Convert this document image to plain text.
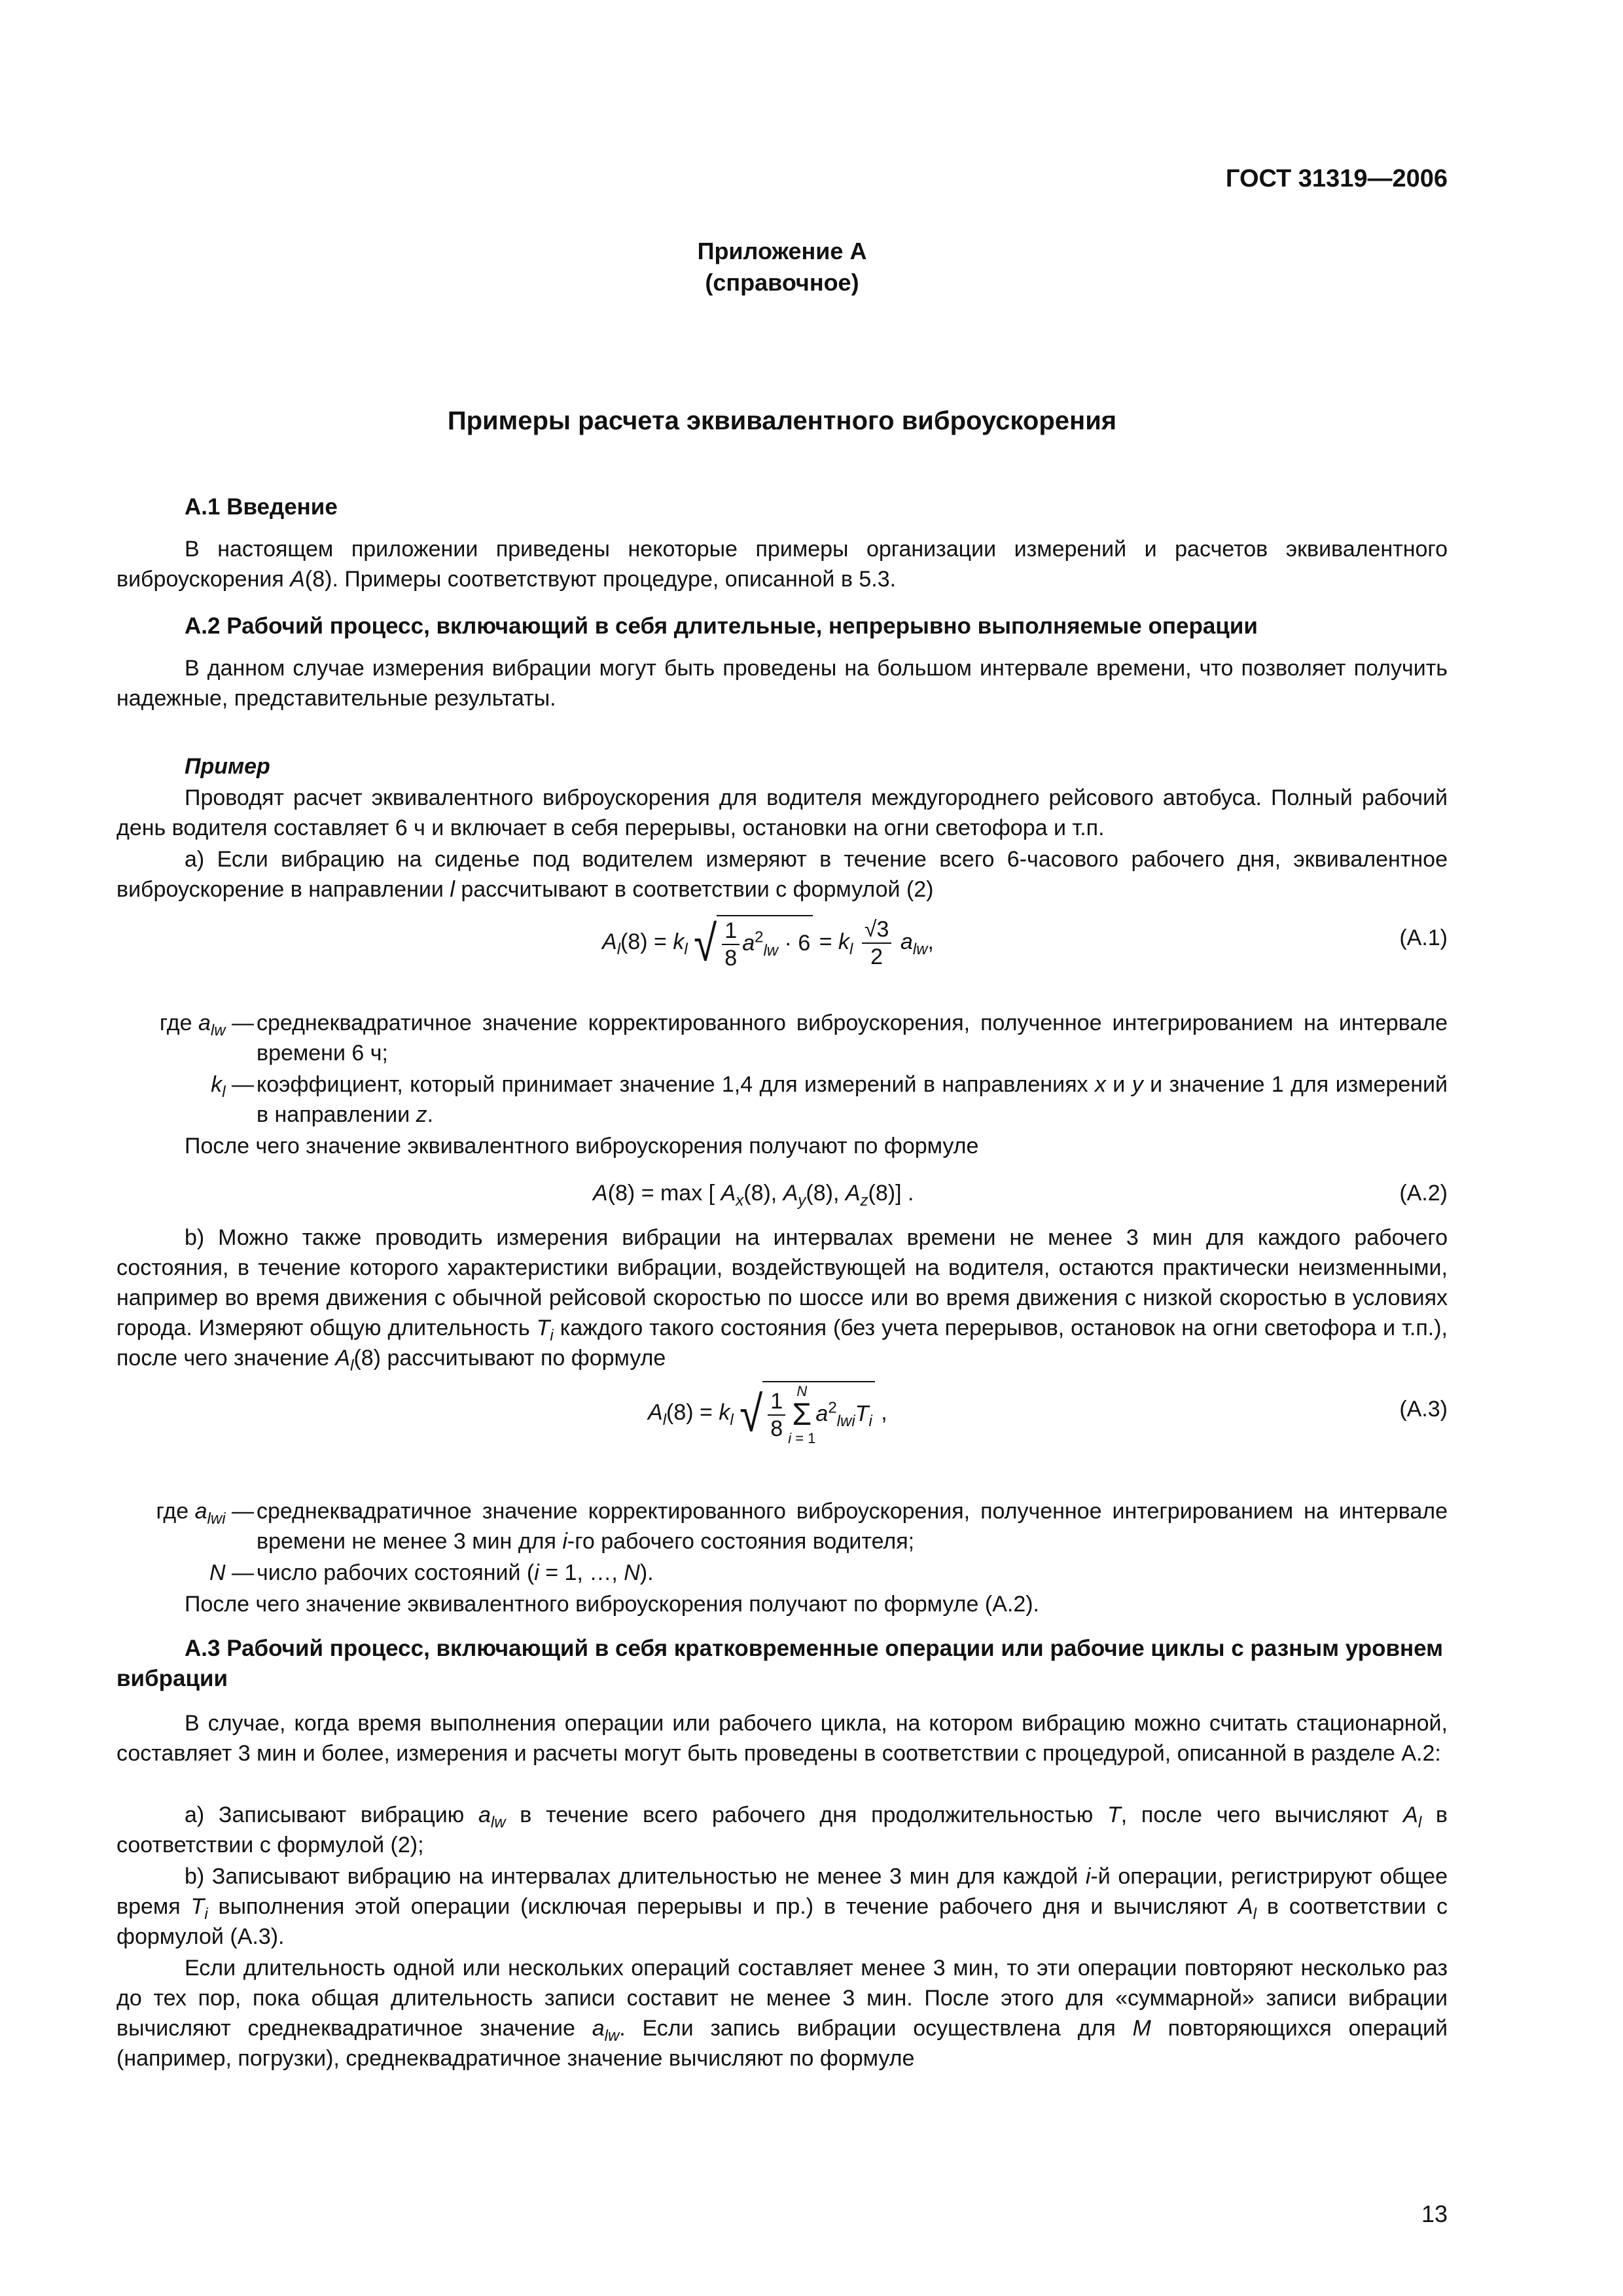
ГОСТ 31319—2006
Приложение А
(справочное)
Примеры расчета эквивалентного виброускорения
А.1 Введение
В настоящем приложении приведены некоторые примеры организации измерений и расчетов эквивалентного виброускорения A(8). Примеры соответствуют процедуре, описанной в 5.3.
А.2 Рабочий процесс, включающий в себя длительные, непрерывно выполняемые операции
В данном случае измерения вибрации могут быть проведены на большом интервале времени, что позволяет получить надежные, представительные результаты.
Пример
Проводят расчет эквивалентного виброускорения для водителя междугороднего рейсового автобуса. Полный рабочий день водителя составляет 6 ч и включает в себя перерывы, остановки на огни светофора и т.п.
а) Если вибрацию на сиденье под водителем измеряют в течение всего 6-часового рабочего дня, эквивалентное виброускорение в направлении l рассчитывают в соответствии с формулой (2)
$A_l(8) = k_l$ √ $\frac{1}{8} a^2_{lw} \cdot 6 = k_l \frac{√3}{2} a_{lw}$,	(А.1)
где $a_{lw}$ — среднеквадратичное значение корректированного виброускорения, полученное интегрированием на интервале времени 6 ч;
$k_l$ — коэффициент, который принимает значение 1,4 для измерений в направлениях x и y и значение 1 для измерений в направлении z.
После чего значение эквивалентного виброускорения получают по формуле
A(8) = max [ $A_x(8)$, $A_y(8)$, $A_z(8)$] .	(А.2)
b) Можно также проводить измерения вибрации на интервалах времени не менее 3 мин для каждого рабочего состояния, в течение которого характеристики вибрации, воздействующей на водителя, остаются практически неизменными, например во время движения с обычной рейсовой скоростью по шоссе или во время движения с низкой скоростью в условиях города. Измеряют общую длительность $T_i$ каждого такого состояния (без учета перерывов, остановок на огни светофора и т.п.), после чего значение $A_l(8)$ рассчитывают по формуле
$A_l(8) = k_l$ √ $\frac{1}{8}$ N
Σ
$i = 1a^2_{lwi}T_i$ ,	(А.3)
где $a_{lwi}$ — среднеквадратичное значение корректированного виброускорения, полученное интегрированием на интервале времени не менее 3 мин для i-го рабочего состояния водителя;
N — число рабочих состояний (i = 1, …, N).
После чего значение эквивалентного виброускорения получают по формуле (А.2).
А.3 Рабочий процесс, включающий в себя кратковременные операции или рабочие циклы с разным уровнем вибрации
В случае, когда время выполнения операции или рабочего цикла, на котором вибрацию можно считать стационарной, составляет 3 мин и более, измерения и расчеты могут быть проведены в соответствии с процедурой, описанной в разделе А.2:
а) Записывают вибрацию $a_{lw}$ в течение всего рабочего дня продолжительностью T, после чего вычисляют $A_l$ в соответствии с формулой (2);
b) Записывают вибрацию на интервалах длительностью не менее 3 мин для каждой i-й операции, регистрируют общее время $T_i$ выполнения этой операции (исключая перерывы и пр.) в течение рабочего дня и вычисляют $A_l$ в соответствии с формулой (А.3).
Если длительность одной или нескольких операций составляет менее 3 мин, то эти операции повторяют несколько раз до тех пор, пока общая длительность записи составит не менее 3 мин. После этого для «суммарной» записи вибрации вычисляют среднеквадратичное значение $a_{lw}$. Если запись вибрации осуществлена для M повторяющихся операций (например, погрузки), среднеквадратичное значение вычисляют по формуле
13
